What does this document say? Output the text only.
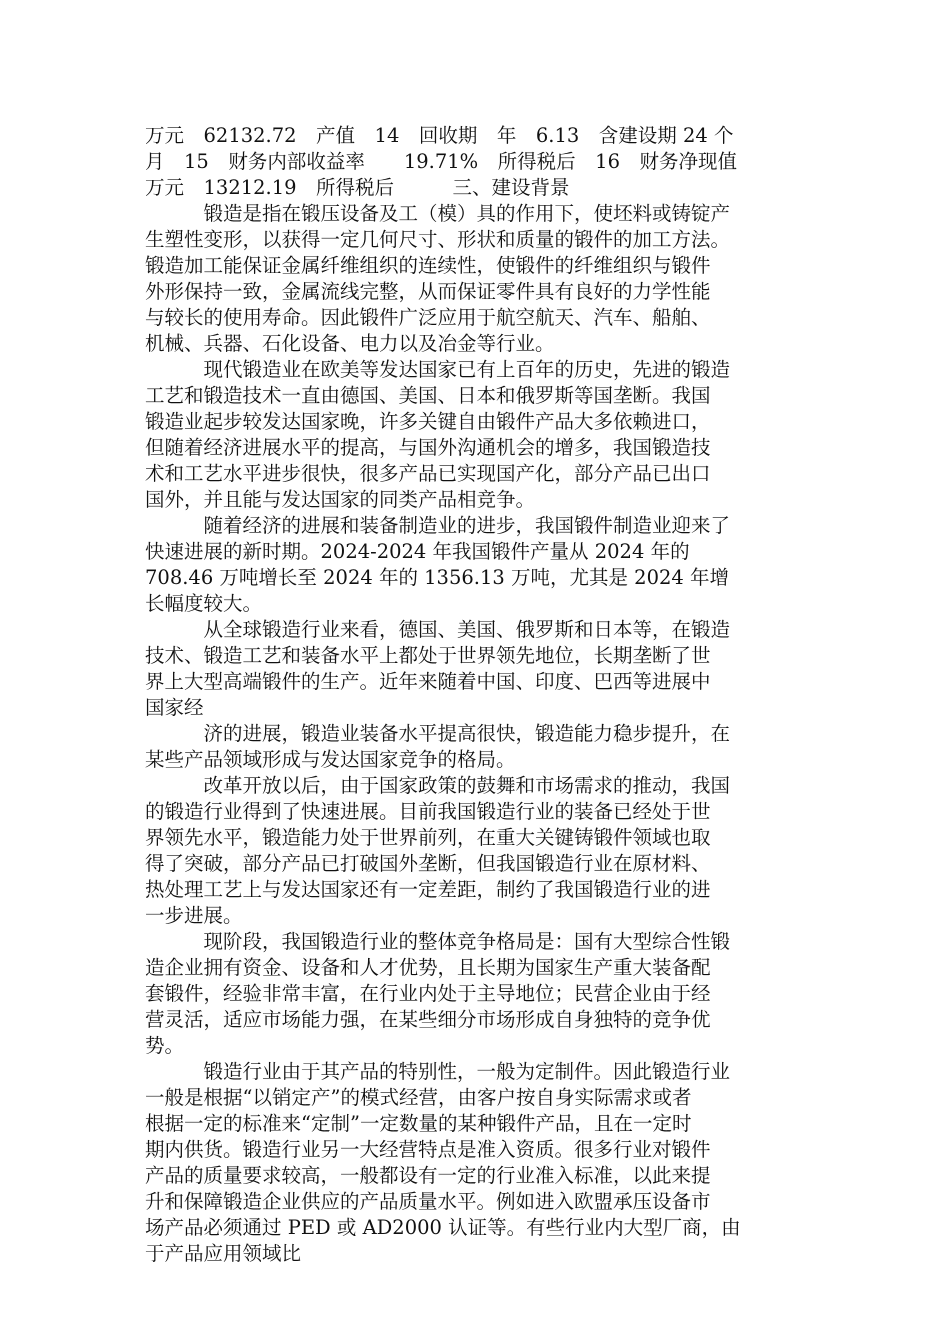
万元　62132.72　产值　14　回收期　年　6.13　含建设期 24 个
月　15　财务内部收益率　　19.71%　所得税后　16　财务净现值
万元　13212.19　所得税后　　　三、建设背景
　　　锻造是指在锻压设备及工（模）具的作用下，使坯料或铸锭产
生塑性变形，以获得一定几何尺寸、形状和质量的锻件的加工方法。
锻造加工能保证金属纤维组织的连续性，使锻件的纤维组织与锻件
外形保持一致，金属流线完整，从而保证零件具有良好的力学性能
与较长的使用寿命。因此锻件广泛应用于航空航天、汽车、船舶、
机械、兵器、石化设备、电力以及冶金等行业。
　　　现代锻造业在欧美等发达国家已有上百年的历史，先进的锻造
工艺和锻造技术一直由德国、美国、日本和俄罗斯等国垄断。我国
锻造业起步较发达国家晚，许多关键自由锻件产品大多依赖进口，
但随着经济进展水平的提高，与国外沟通机会的增多，我国锻造技
术和工艺水平进步很快，很多产品已实现国产化，部分产品已出口
国外，并且能与发达国家的同类产品相竞争。
　　　随着经济的进展和装备制造业的进步，我国锻件制造业迎来了
快速进展的新时期。2024-2024 年我国锻件产量从 2024 年的
708.46 万吨增长至 2024 年的 1356.13 万吨，尤其是 2024 年增
长幅度较大。
　　　从全球锻造行业来看，德国、美国、俄罗斯和日本等，在锻造
技术、锻造工艺和装备水平上都处于世界领先地位，长期垄断了世
界上大型高端锻件的生产。近年来随着中国、印度、巴西等进展中
国家经
　　　济的进展，锻造业装备水平提高很快，锻造能力稳步提升，在
某些产品领域形成与发达国家竞争的格局。
　　　改革开放以后，由于国家政策的鼓舞和市场需求的推动，我国
的锻造行业得到了快速进展。目前我国锻造行业的装备已经处于世
界领先水平，锻造能力处于世界前列，在重大关键铸锻件领域也取
得了突破，部分产品已打破国外垄断，但我国锻造行业在原材料、
热处理工艺上与发达国家还有一定差距，制约了我国锻造行业的进
一步进展。
　　　现阶段，我国锻造行业的整体竞争格局是：国有大型综合性锻
造企业拥有资金、设备和人才优势，且长期为国家生产重大装备配
套锻件，经验非常丰富，在行业内处于主导地位；民营企业由于经
营灵活，适应市场能力强，在某些细分市场形成自身独特的竞争优
势。
　　　锻造行业由于其产品的特别性，一般为定制件。因此锻造行业
一般是根据“以销定产”的模式经营，由客户按自身实际需求或者
根据一定的标准来“定制”一定数量的某种锻件产品，且在一定时
期内供货。锻造行业另一大经营特点是准入资质。很多行业对锻件
产品的质量要求较高，一般都设有一定的行业准入标准，以此来提
升和保障锻造企业供应的产品质量水平。例如进入欧盟承压设备市
场产品必须通过 PED 或 AD2000 认证等。有些行业内大型厂商，由
于产品应用领域比
